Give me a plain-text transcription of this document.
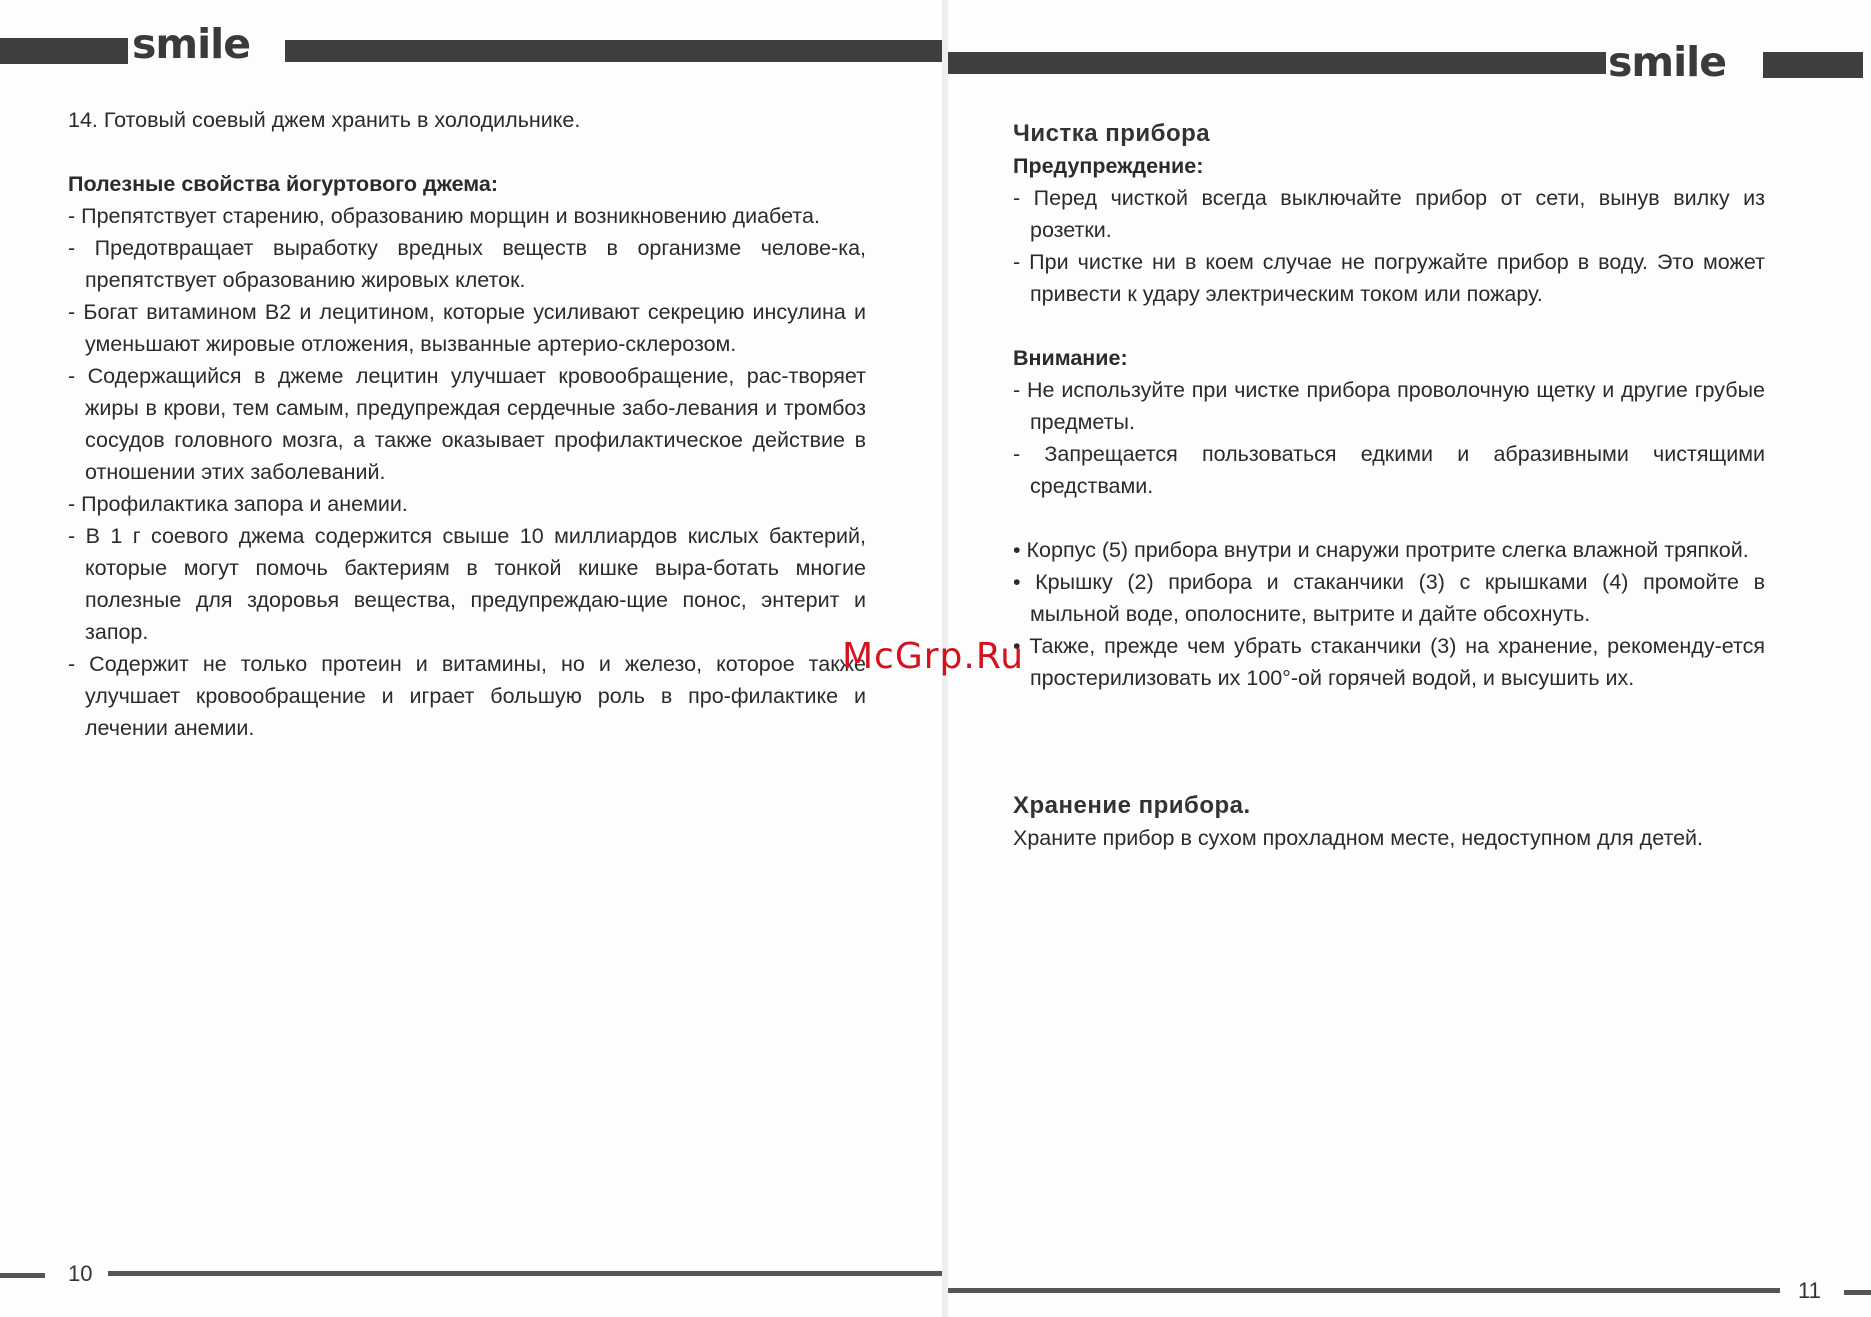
smile

14. Готовый соевый джем хранить в холодильнике.

Полезные свойства йогуртового джема:

- Препятствует старению, образованию морщин и возникновению диабета.

- Предотвращает выработку вредных веществ в организме челове-ка, препятствует образованию жировых клеток.

- Богат витамином В2 и лецитином, которые усиливают секрецию инсулина и уменьшают жировые отложения, вызванные артерио-склерозом.

- Содержащийся в джеме лецитин улучшает кровообращение, рас-творяет жиры в крови, тем самым, предупреждая сердечные забо-левания и тромбоз сосудов головного мозга, а также оказывает профилактическое действие в отношении этих заболеваний.

- Профилактика запора и анемии.

- В 1 г соевого джема содержится свыше 10 миллиардов кислых бактерий, которые могут помочь бактериям в тонкой кишке выра-ботать многие полезные для здоровья вещества, предупреждаю-щие понос, энтерит и запор.

- Содержит не только протеин и витамины, но и железо, которое также улучшает кровообращение и играет большую роль в про-филактике и лечении анемии.

10
smile

Чистка прибора

Предупреждение:

- Перед чисткой всегда выключайте прибор от сети, вынув вилку из розетки.

- При чистке ни в коем случае не погружайте прибор в воду. Это может привести к удару электрическим током или пожару.

Внимание:

- Не используйте при чистке прибора проволочную щетку и другие грубые предметы.

- Запрещается пользоваться едкими и абразивными чистящими средствами.

• Корпус (5) прибора внутри и снаружи протрите слегка влажной тряпкой.

• Крышку (2) прибора и стаканчики (3) с крышками (4) промойте в мыльной воде, ополосните, вытрите и дайте обсохнуть.

• Также, прежде чем убрать стаканчики (3) на хранение, рекоменду-ется простерилизовать их 100°-ой горячей водой, и высушить их.

Хранение прибора.

Храните прибор в сухом прохладном месте, недоступном для детей.

11
McGrp.Ru
